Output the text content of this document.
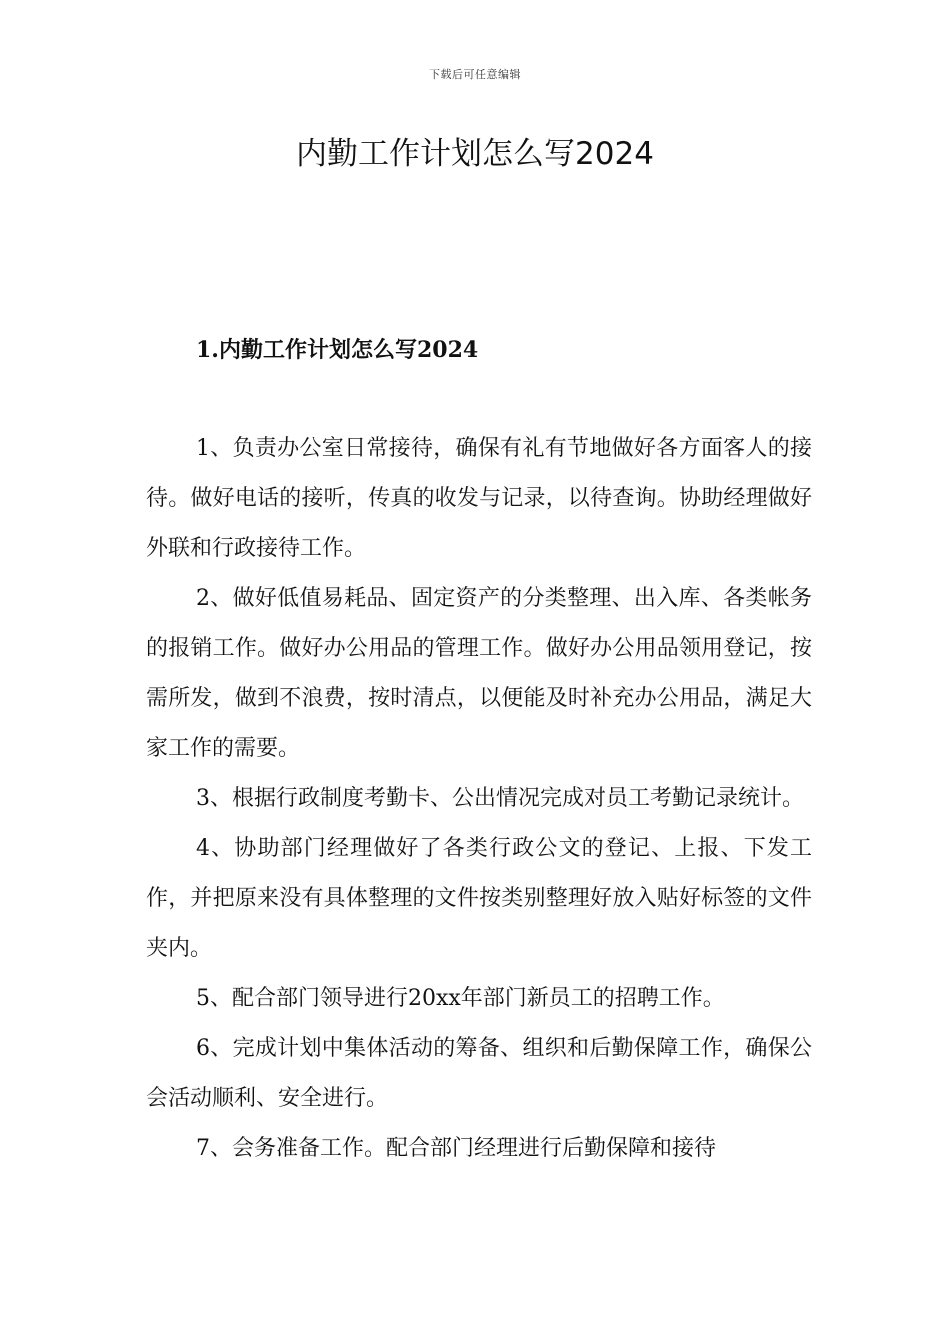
下载后可任意编辑
内勤工作计划怎么写2024
1.内勤工作计划怎么写2024

1、负责办公室日常接待，确保有礼有节地做好各方面客人的接待。做好电话的接听，传真的收发与记录，以待查询。协助经理做好外联和行政接待工作。

2、做好低值易耗品、固定资产的分类整理、出入库、各类帐务的报销工作。做好办公用品的管理工作。做好办公用品领用登记，按需所发，做到不浪费，按时清点，以便能及时补充办公用品，满足大家工作的需要。

3、根据行政制度考勤卡、公出情况完成对员工考勤记录统计。

4、协助部门经理做好了各类行政公文的登记、上报、下发工作，并把原来没有具体整理的文件按类别整理好放入贴好标签的文件夹内。

5、配合部门领导进行20xx年部门新员工的招聘工作。

6、完成计划中集体活动的筹备、组织和后勤保障工作，确保公会活动顺利、安全进行。

7、会务准备工作。配合部门经理进行后勤保障和接待
